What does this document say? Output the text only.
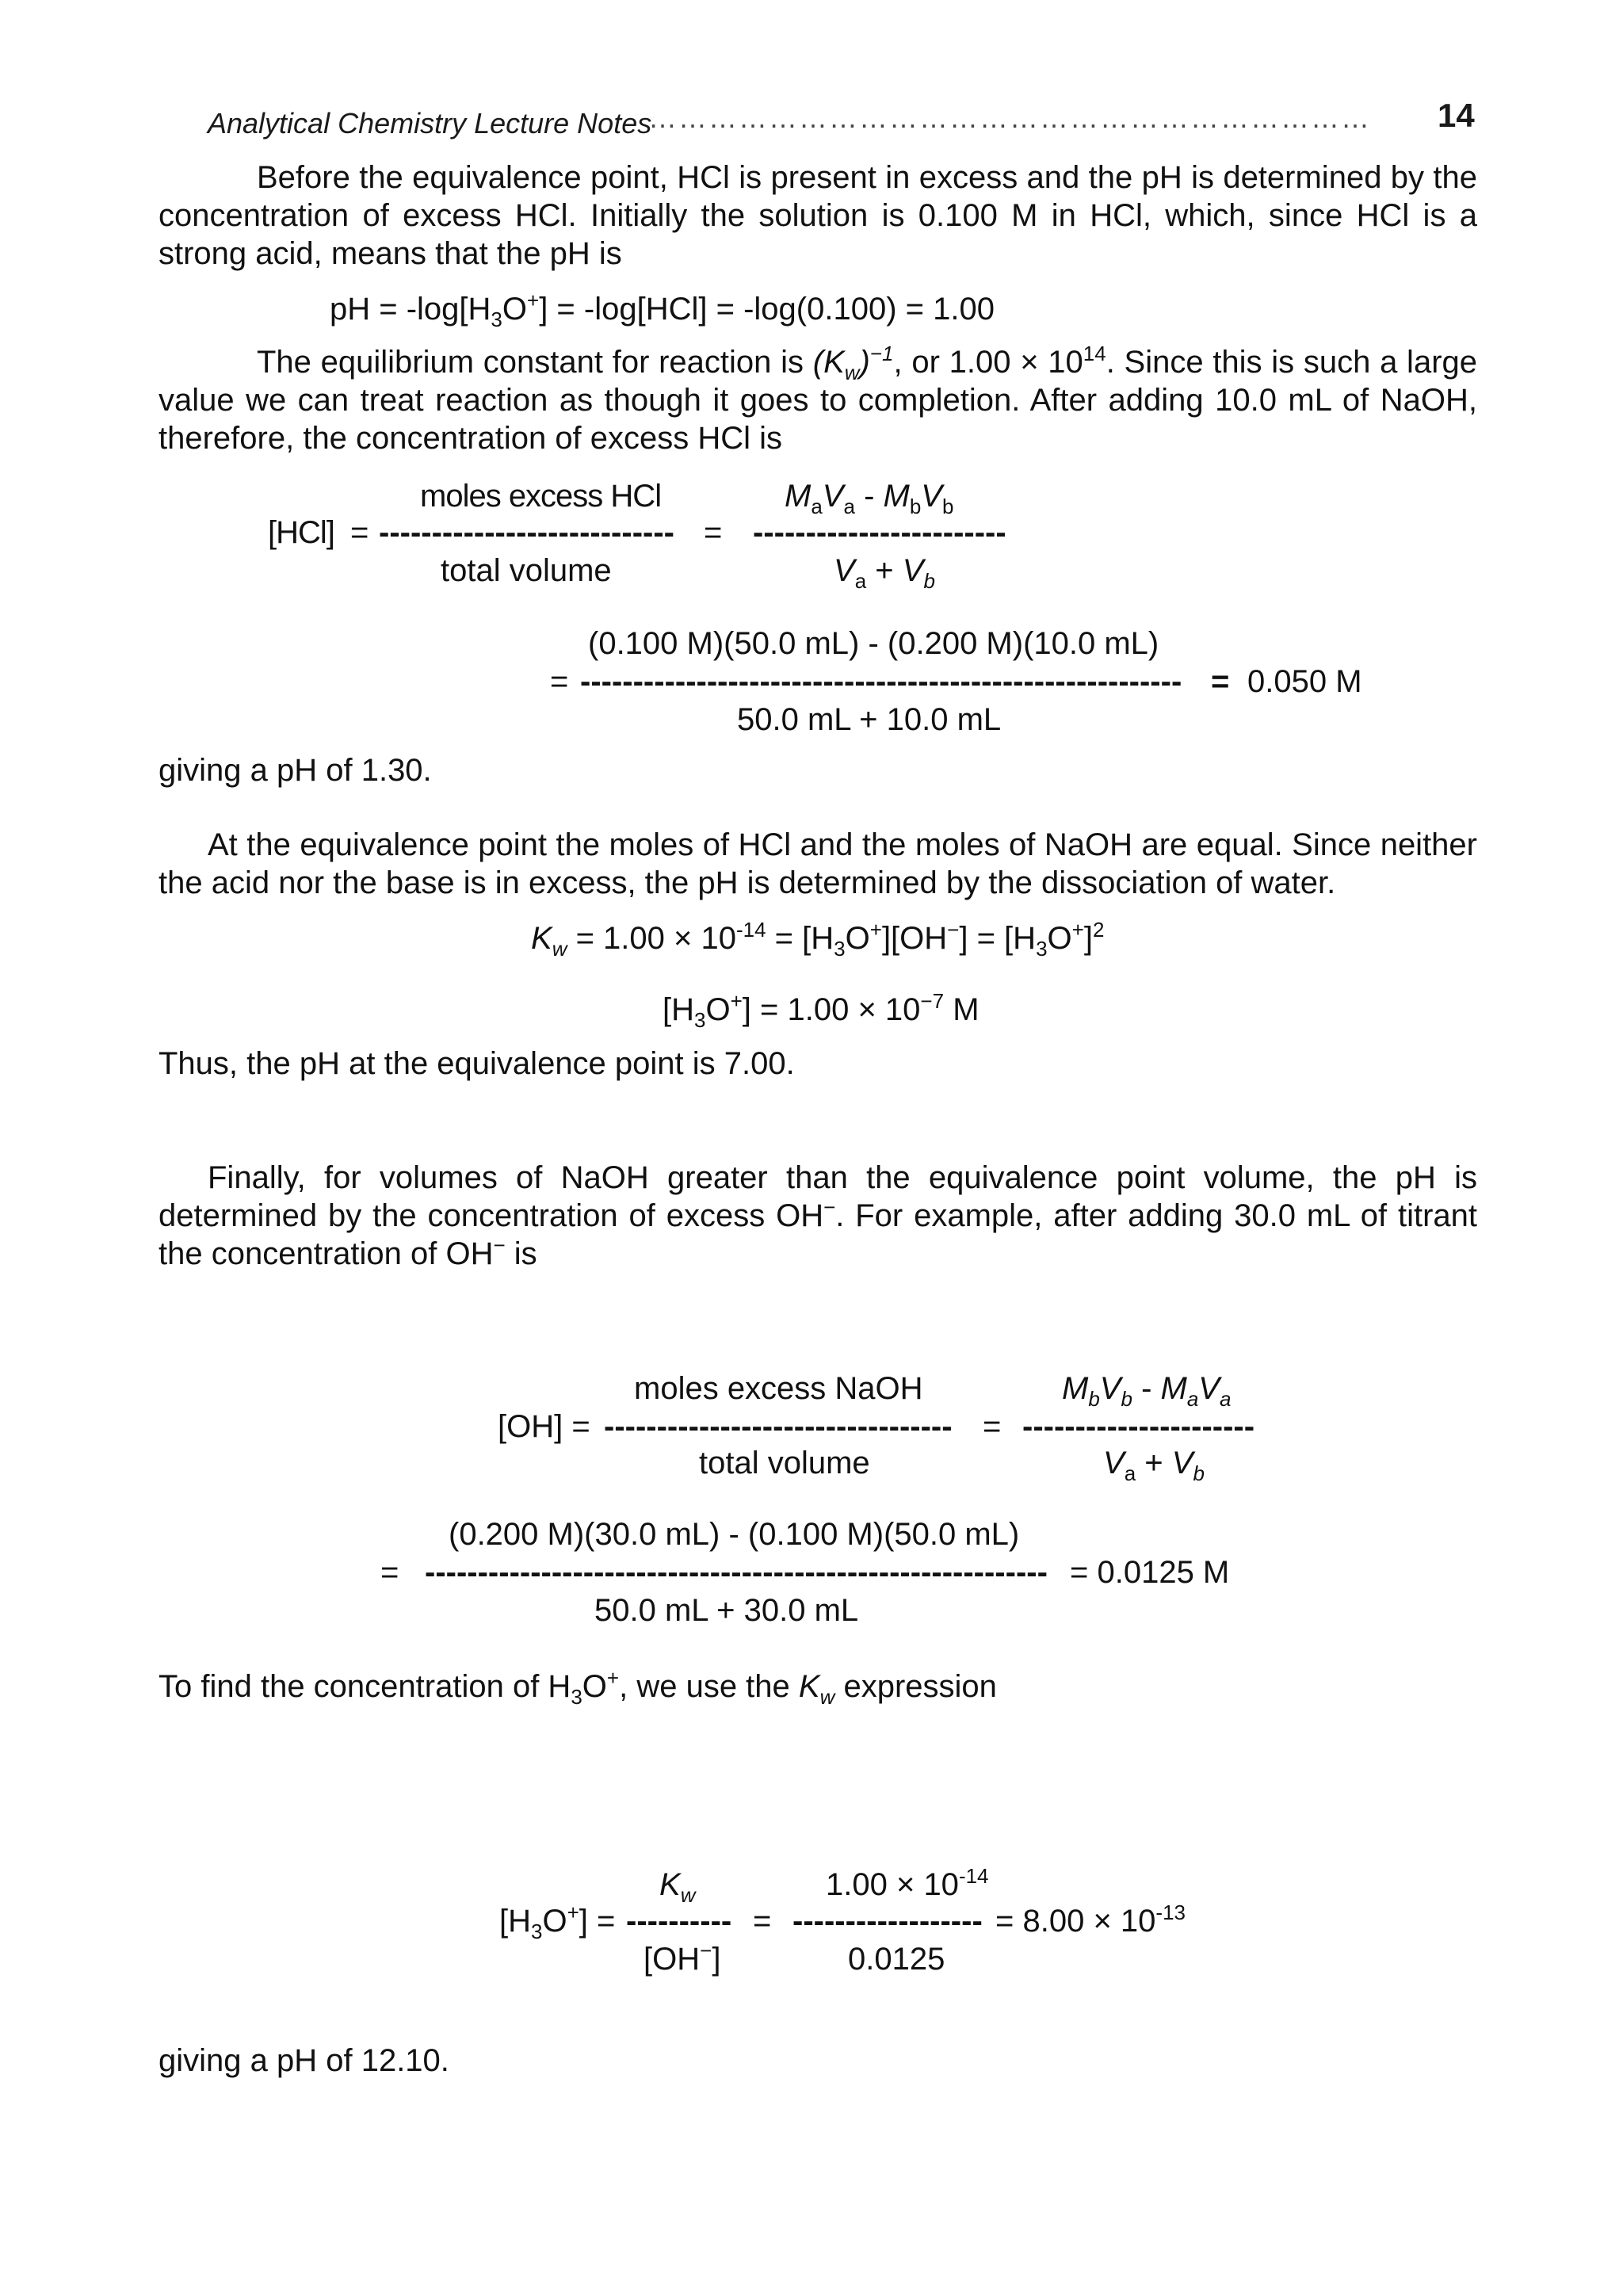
Analytical Chemistry Lecture Notes
……………………………………………………………… 14
Before the equivalence point, HCl is present in excess and the pH is determined by the concentration of excess HCl. Initially the solution is 0.100 M in HCl, which, since HCl is a strong acid, means that the pH is
pH = $-\log[H_3O^+] = -\log[HCl] = -\log(0.100) = 1.00$
The equilibrium constant for reaction is $(K_w)^{-1}$, or $1.00 \times 10^{14}$. Since this is such a large value we can treat reaction as though it goes to completion. After adding 10.0 mL of NaOH, therefore, the concentration of excess HCl is
moles excess HCl	$M_aV_a - M_bV_b$
[HCl] = ---------------------------- = ------------------------
total volume	$V_a + V_b$
(0.100 M)(50.0 mL) - (0.200 M)(10.0 mL)
= --------------------------------------------------------- = 0.050 M
50.0 mL + 10.0 mL
giving a pH of 1.30.
At the equivalence point the moles of HCl and the moles of NaOH are equal. Since neither the acid nor the base is in excess, the pH is determined by the dissociation of water.
$K_w = 1.00 \times 10^{-14} = [H_3O^+][OH^-] = [H_3O^+]^2$
$[H_3O^+] = 1.00 \times 10^{-7}$ M
Thus, the pH at the equivalence point is 7.00.
Finally, for volumes of NaOH greater than the equivalence point volume, the pH is determined by the concentration of excess OH−. For example, after adding 30.0 mL of titrant the concentration of OH− is
moles excess NaOH	$M_bV_b - M_aV_a$
[OH] = --------------------------------- = ----------------------
total volume	$V_a + V_b$
(0.200 M)(30.0 mL) - (0.100 M)(50.0 mL)
= ----------------------------------------------------------- = 0.0125 M
50.0 mL + 30.0 mL
To find the concentration of $H_3O^+$, we use the $K_w$ expression
$K_w$	$1.00 \times 10^{-14}$
$[H_3O^+]$ = ---------- = ------------------ = $8.00 \times 10^{-13}$
[OH−]	0.0125
giving a pH of 12.10.
